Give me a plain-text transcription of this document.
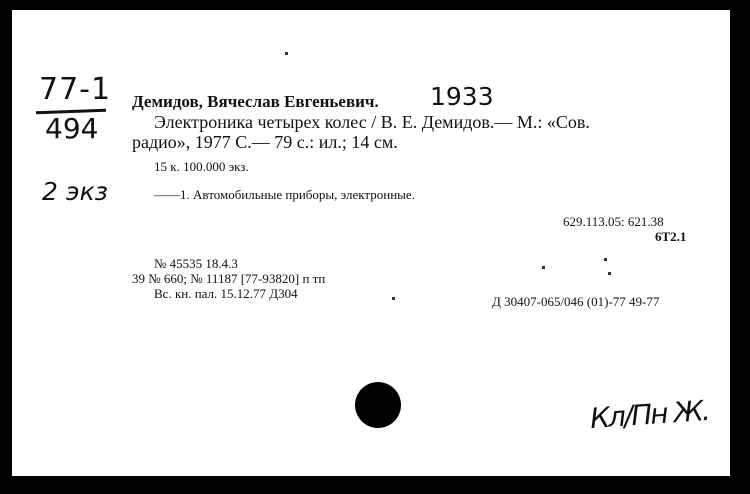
77-1
494
2 экз
Демидов, Вячеслав Евгеньевич. 1933
Электроника четырех колес / В. Е. Демидов.— М.: «Сов.
радио», 1977 С.— 79 с.: ил.; 14 см.
15 к. 100.000 экз.
——1. Автомобильные приборы, электронные.
629.113.05: 621.38
6Т2.1
№ 45535 18.4.3
39 № 660; № 11187 [77-93820] п тп
Вс. кн. пал. 15.12.77 Д304
Д 30407-065/046 (01)-77 49-77
Кл/Пн Ж.
